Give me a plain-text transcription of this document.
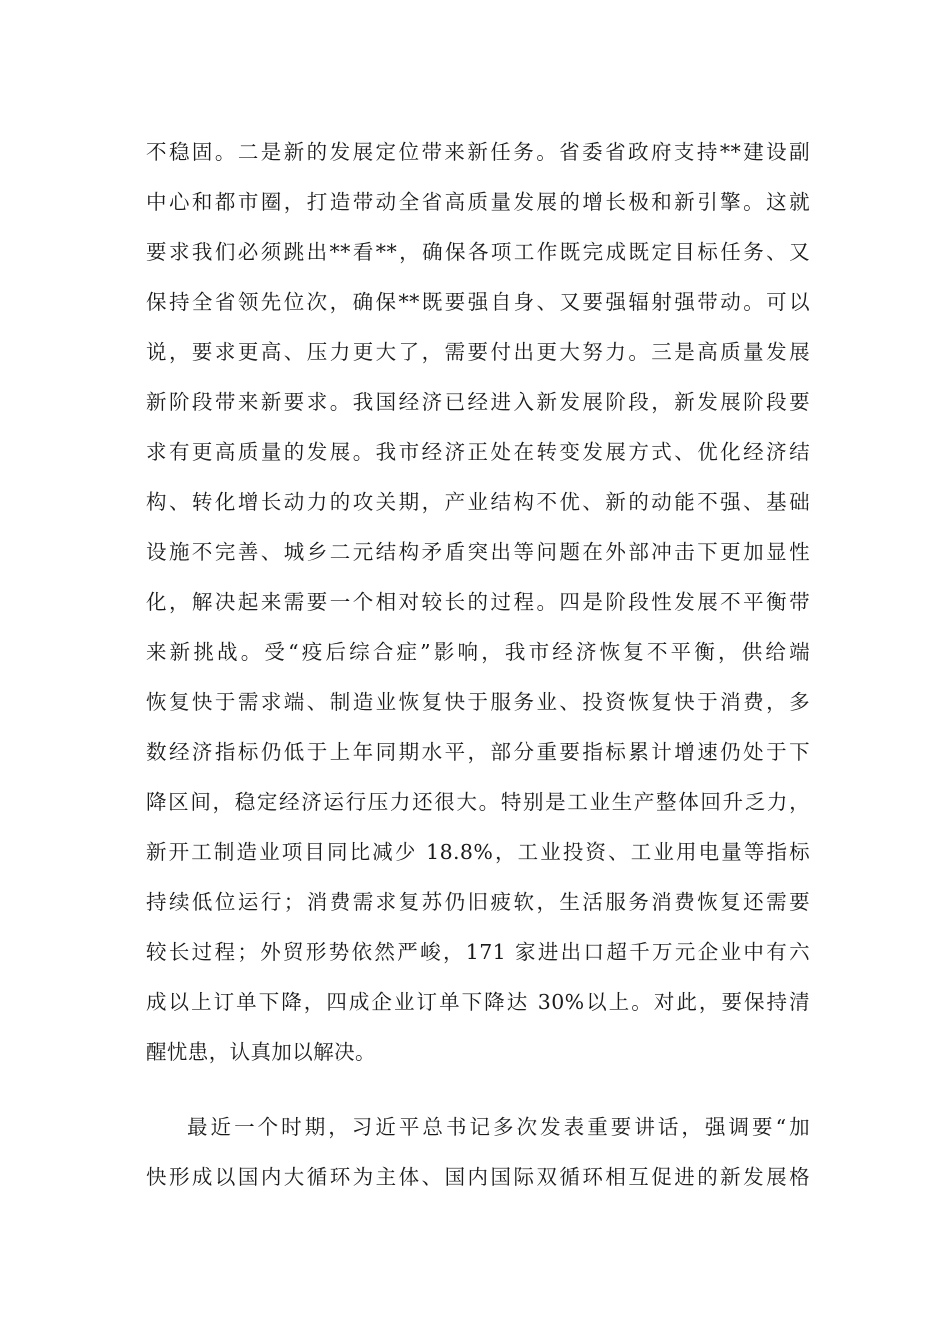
不稳固。二是新的发展定位带来新任务。省委省政府支持**建设副
中心和都市圈，打造带动全省高质量发展的增长极和新引擎。这就
要求我们必须跳出**看**，确保各项工作既完成既定目标任务、又
保持全省领先位次，确保**既要强自身、又要强辐射强带动。可以
说，要求更高、压力更大了，需要付出更大努力。三是高质量发展
新阶段带来新要求。我国经济已经进入新发展阶段，新发展阶段要
求有更高质量的发展。我市经济正处在转变发展方式、优化经济结
构、转化增长动力的攻关期，产业结构不优、新的动能不强、基础
设施不完善、城乡二元结构矛盾突出等问题在外部冲击下更加显性
化，解决起来需要一个相对较长的过程。四是阶段性发展不平衡带
来新挑战。受“疫后综合症”影响，我市经济恢复不平衡，供给端
恢复快于需求端、制造业恢复快于服务业、投资恢复快于消费，多
数经济指标仍低于上年同期水平，部分重要指标累计增速仍处于下
降区间，稳定经济运行压力还很大。特别是工业生产整体回升乏力，
新开工制造业项目同比减少 18.8%，工业投资、工业用电量等指标
持续低位运行；消费需求复苏仍旧疲软，生活服务消费恢复还需要
较长过程；外贸形势依然严峻，171 家进出口超千万元企业中有六
成以上订单下降，四成企业订单下降达 30%以上。对此，要保持清
醒忧患，认真加以解决。
最近一个时期，习近平总书记多次发表重要讲话，强调要“加
快形成以国内大循环为主体、国内国际双循环相互促进的新发展格
